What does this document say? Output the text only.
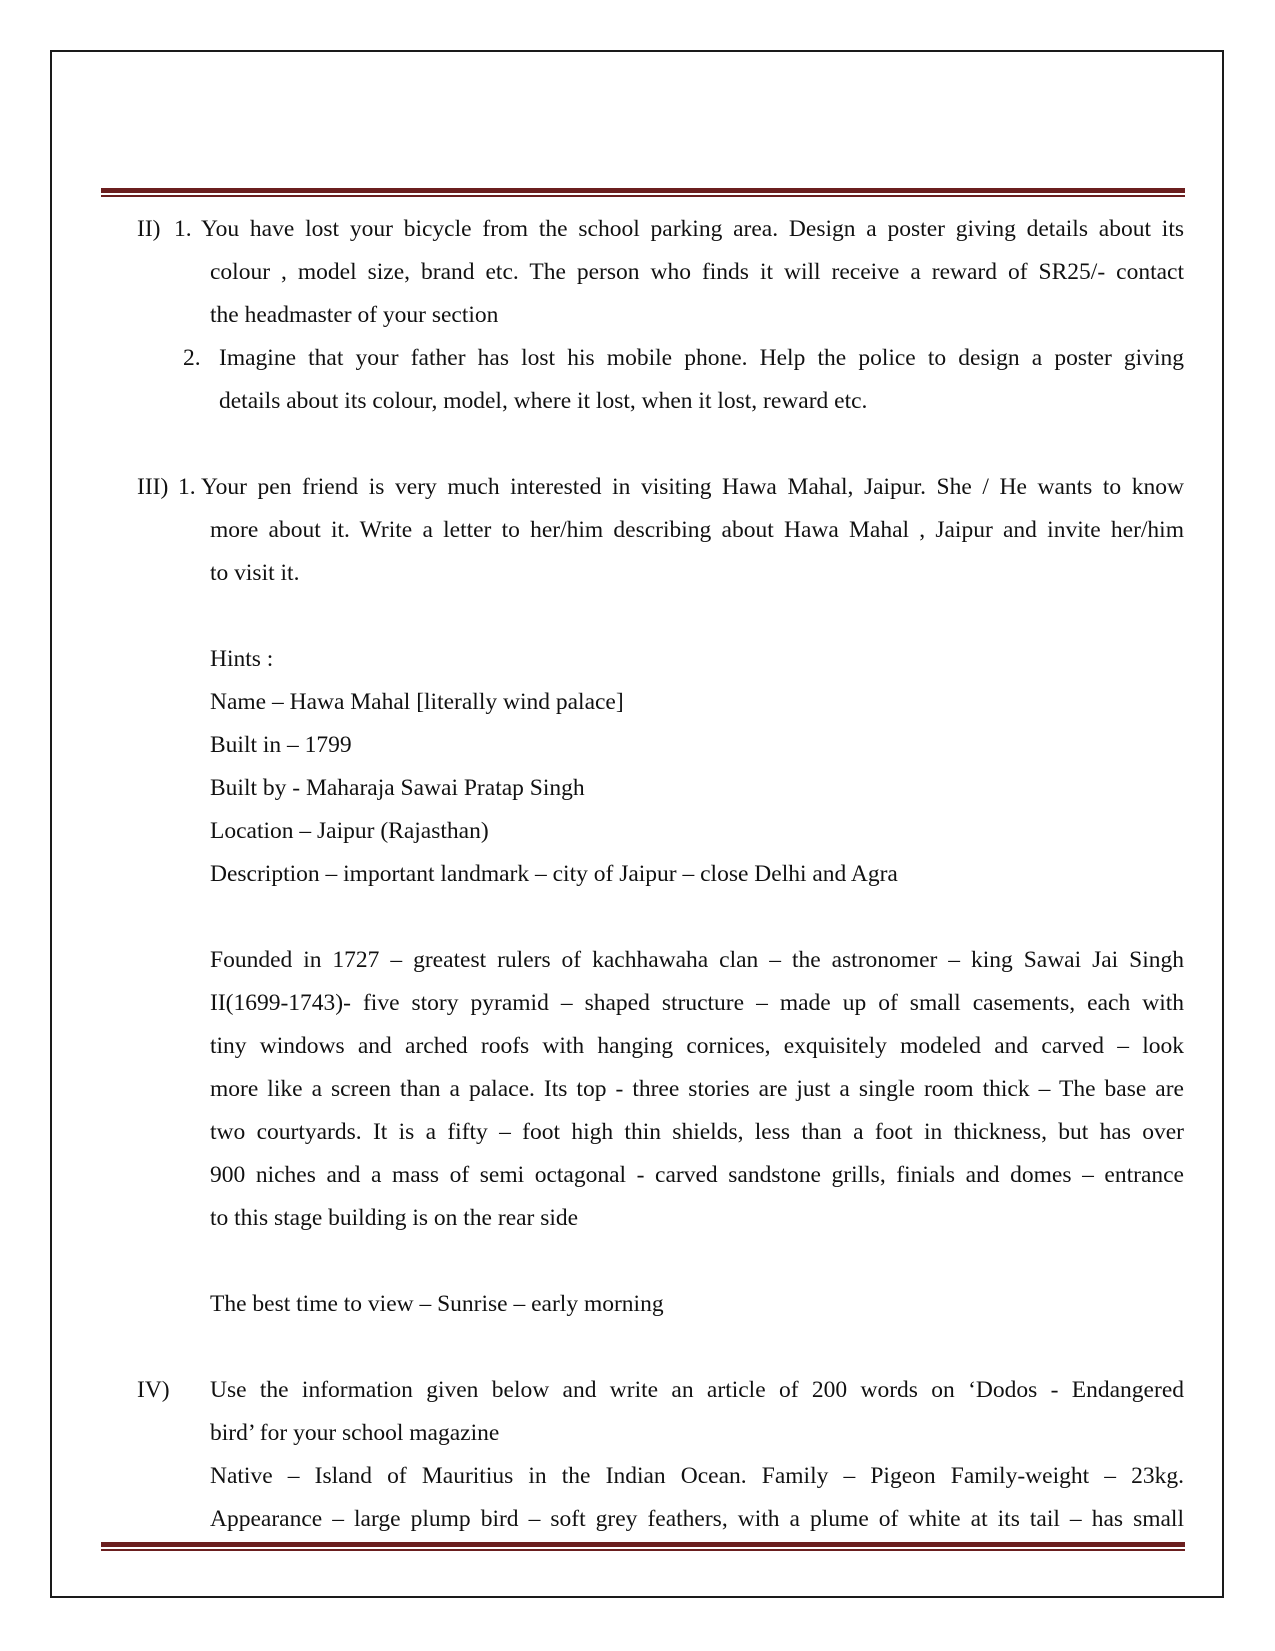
II) 1. You have lost your bicycle from the school parking area. Design a poster giving details about its
colour , model size, brand etc. The person who finds it will receive a reward of SR25/- contact
the headmaster of your section
2. Imagine that your father has lost his mobile phone. Help the police to design a poster giving
details about its colour, model, where it lost, when it lost, reward etc.
III) 1. Your pen friend is very much interested in visiting Hawa Mahal, Jaipur. She / He wants to know
more about it. Write a letter to her/him describing about Hawa Mahal , Jaipur and invite her/him
to visit it.
Hints :
Name – Hawa Mahal [literally wind palace]
Built in – 1799
Built by - Maharaja Sawai Pratap Singh
Location – Jaipur (Rajasthan)
Description – important landmark – city of Jaipur – close Delhi and Agra
Founded in 1727 – greatest rulers of kachhawaha clan – the astronomer – king Sawai Jai Singh
II(1699-1743)- five story pyramid – shaped structure – made up of small casements, each with
tiny windows and arched roofs with hanging cornices, exquisitely modeled and carved – look
more like a screen than a palace. Its top - three stories are just a single room thick – The base are
two courtyards. It is a fifty – foot high thin shields, less than a foot in thickness, but has over
900 niches and a mass of semi octagonal - carved sandstone grills, finials and domes – entrance
to this stage building is on the rear side
The best time to view – Sunrise – early morning
IV) Use the information given below and write an article of 200 words on ‘Dodos - Endangered
bird’ for your school magazine
Native – Island of Mauritius in the Indian Ocean. Family – Pigeon Family-weight – 23kg.
Appearance – large plump bird – soft grey feathers, with a plume of white at its tail – has small
